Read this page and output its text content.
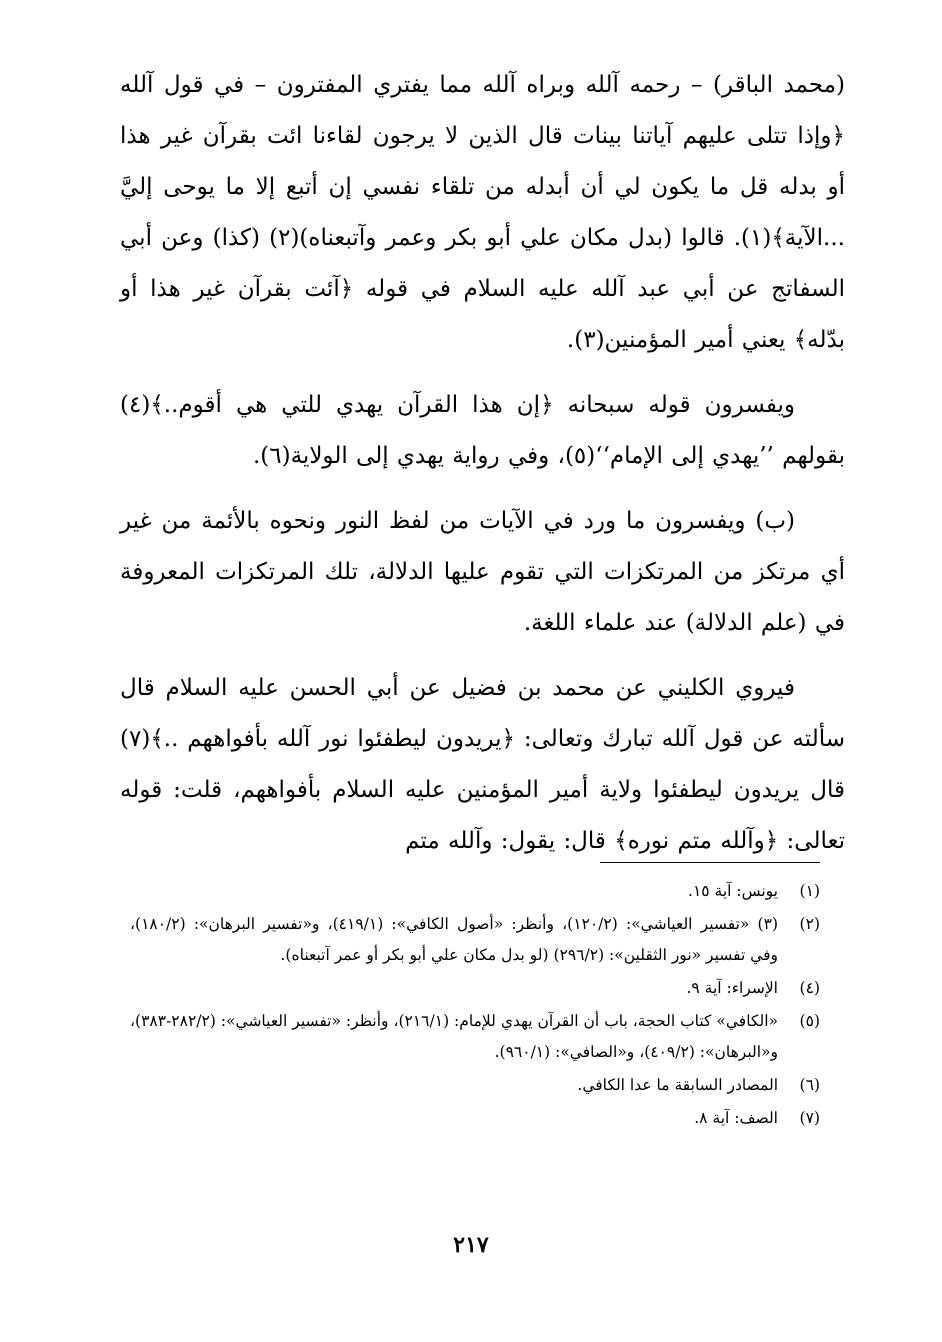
(محمد الباقر) – رحمه آلله وبراه آلله مما يفتري المفترون – في قول آلله ﴿وإذا تتلى عليهم آياتنا بينات قال الذين لا يرجون لقاءنا ائت بقرآن غير هذا أو بدله قل ما يكون لي أن أبدله من تلقاء نفسي إن أتبع إلا ما يوحى إليَّ ...الآية﴾(١). قالوا (بدل مكان علي أبو بكر وعمر وآتبعناه)(٢) (كذا) وعن أبي السفاتج عن أبي عبد آلله عليه السلام في قوله ﴿آئت بقرآن غير هذا أو بدّله﴾ يعني أمير المؤمنين(٣).

ويفسرون قوله سبحانه ﴿إن هذا القرآن يهدي للتي هي أقوم..﴾(٤) بقولهم ’’يهدي إلى الإمام‘‘(٥)، وفي رواية يهدي إلى الولاية(٦).

(ب) ويفسرون ما ورد في الآيات من لفظ النور ونحوه بالأئمة من غير أي مرتكز من المرتكزات التي تقوم عليها الدلالة، تلك المرتكزات المعروفة في (علم الدلالة) عند علماء اللغة.

فيروي الكليني عن محمد بن فضيل عن أبي الحسن عليه السلام قال سألته عن قول آلله تبارك وتعالى: ﴿يريدون ليطفئوا نور آلله بأفواههم ..﴾(٧) قال يريدون ليطفئوا ولاية أمير المؤمنين عليه السلام بأفواههم، قلت: قوله تعالى: ﴿وآلله متم نوره﴾ قال: يقول: وآلله متم

(١)
يونس: آية ١٥.
(٢)
(٣) «تفسير العياشي»: (١٢٠/٢)، وأنظر: «أصول الكافي»: (٤١٩/١)، و«تفسير البرهان»: (١٨٠/٢)، وفي تفسير «نور الثقلين»: (٢٩٦/٢) (لو بدل مكان علي أبو بكر أو عمر آتبعناه).
(٤)
الإسراء: آية ٩.
(٥)
«الكافي» كتاب الحجة، باب أن القرآن يهدي للإمام: (٢١٦/١)، وأنظر: «تفسير العياشي»: (٢٨٢/٢-٣٨٣)، و«البرهان»: (٤٠٩/٢)، و«الصافي»: (٩٦٠/١).
(٦)
المصادر السابقة ما عدا الكافي.
(٧)
الصف: آية ٨.
٢١٧
